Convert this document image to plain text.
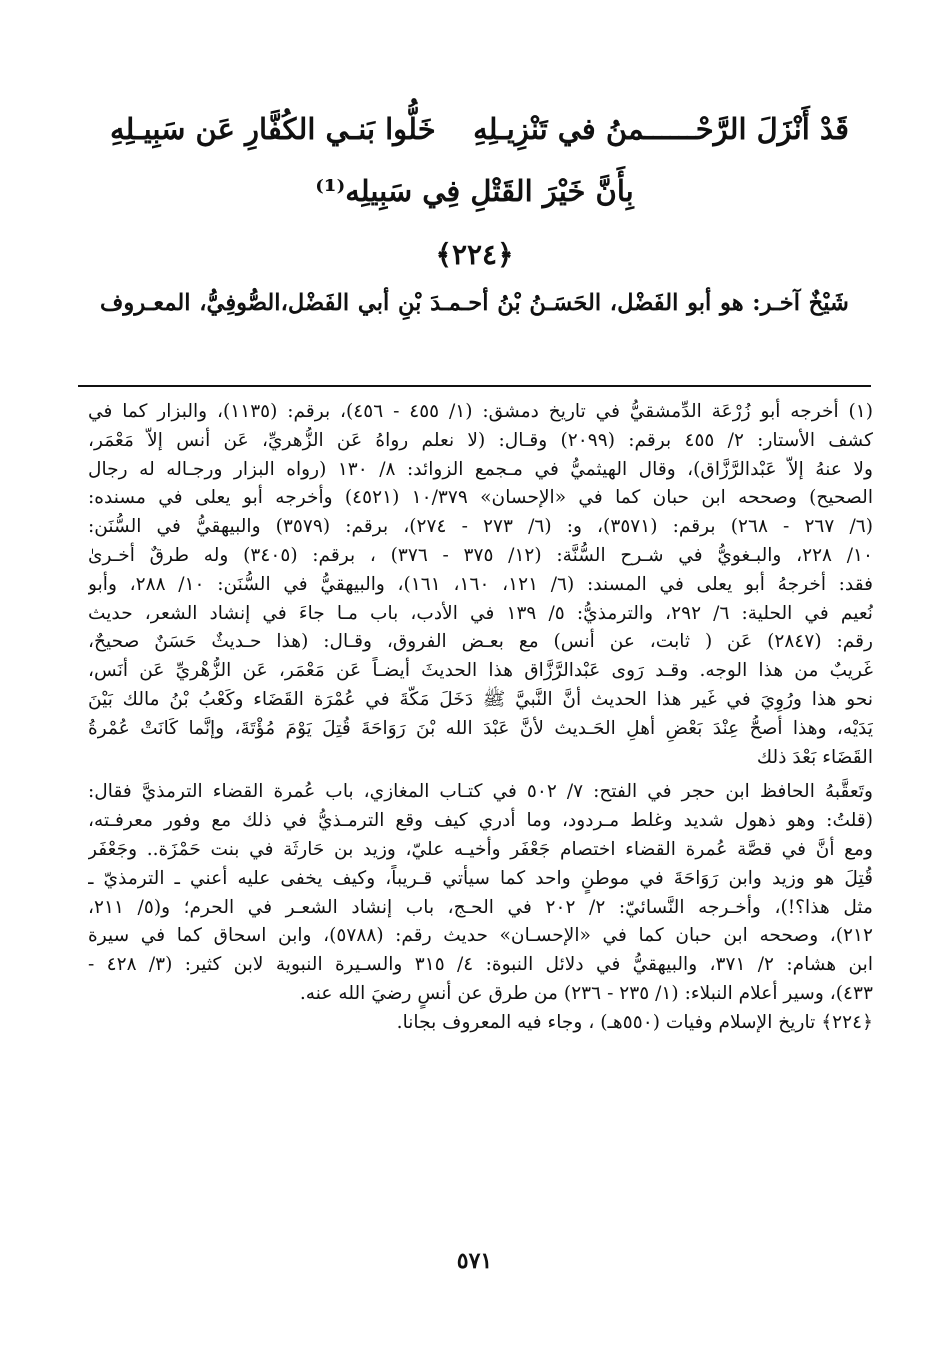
قَدْ أَنْزَلَ الرَّحْــــــمنُ في تَنْزِيـلِهِ
خَلُّوا بَنـي الكُفَّارِ عَن سَبِيـلِهِ
بِأَنَّ خَيْرَ القَتْلِ فِي سَبِيلِه⁽¹⁾
﴿٢٢٤﴾
شَيْخٌ آخـر: هو أبو الفَضْل، الحَسَـنُ بْنُ أحـمـدَ بْنِ أبي الفَضْل،الصُّوفِيُّ، المعـروف
(١) أخرجه أبو زُرْعَة الدِّمشقيُّ في تاريخ دمشق: (١/ ٤٥٥ - ٤٥٦)، برقم: (١١٣٥)، والبزار كما في
كشف الأستار: ٢/ ٤٥٥ برقم: (٢٠٩٩) وقـال: (لا نعلم رواهُ عَن الزُّهريِّ، عَن أنس إلاَّ مَعْمَر،
ولا عنهُ إلاَّ عَبْدالرَّزَّاق)، وقال الهيثميُّ في مـجمع الزوائد: ٨/ ١٣٠ (رواه البزار ورجـاله له رجال
الصحيح) وصححه ابن حبان كما في «الإحسان» ١٠/٣٧٩ (٤٥٢١) وأخرجه أبو يعلى في مسنده:
(٦/ ٢٦٧ - ٢٦٨) برقم: (٣٥٧١)، و: (٦/ ٢٧٣ - ٢٧٤)، برقم: (٣٥٧٩) والبيهقيُّ في السُّنَن:
١٠/ ٢٢٨، والبـغويُّ في شـرح السُّنَّة: (١٢/ ٣٧٥ - ٣٧٦) ، برقم: (٣٤٠٥) وله طرقٌ أخـرىٰ
فقد: أخرجهُ أبو يعلى في المسند: (٦/ ١٢١، ١٦٠، ١٦١)، والبيهقيُّ في السُّنَن: ١٠/ ٢٨٨، وأبو
نُعيم في الحلية: ٦/ ٢٩٢، والترمذيُّ: ٥/ ١٣٩ في الأدب، باب مـا جاءَ في إنشاد الشعر، حديث
رقم: (٢٨٤٧) عَن ( ثابت، عن أنس) مع بعـض الفروق، وقـال: (هذا حـديثٌ حَسَنٌ صحيحٌ،
غَريبٌ من هذا الوجه. وقـد رَوى عَبْدالرَّزَّاق هذا الحديثَ أيضـاً عَن مَعْمَر، عَن الزُّهْريِّ عَن أَنَس،
نحو هذا ورُوِيَ في غَير هذا الحديث أنَّ النَّبيَّ ﷺ دَخَلَ مَكَّةَ في عُمْرَة القَضَاء وكَعْبُ بْنُ مالك بَيْنَ
يَدَيْه، وهذا أصحُّ عِنْدَ بَعْضِ أهلِ الحَـديث لأنَّ عَبْدَ الله بْنَ رَوَاحَةَ قُتِلَ يَوْمَ مُؤْتَةَ، وإنَّما كَانَتْ عُمْرةُ
القَضَاء بَعْدَ ذلك
وتَعقَّبهُ الحافظ ابن حجر في الفتح: ٧/ ٥٠٢ في كتـاب المغازي، باب عُمرة القضاء الترمذيَّ فقال:
(قلتُ: وهو ذهول شديد وغلط مـردود، وما أدري كيف وقع الترمـذيُّ في ذلك مع وفور معرفـته،
ومع أنَّ في قصَّة عُمرة القضاء اختصام جَعْفَر وأخيـه عليّ، وزيد بن حَارثَة في بنت حَمْزَة.. وجَعْفَر
قُتِلَ هو وزيد وابن رَوَاحَةَ في موطنٍ واحد كما سيأتي قـريباً، وكيف يخفى عليه أعني ـ الترمذيّ ـ
مثل هذا؟!)، وأخـرجه النَّسائيّ: ٢/ ٢٠٢ في الحـج، باب إنشاد الشعـر في الحرم؛ و(٥/ ٢١١،
٢١٢)، وصححه ابن حبان كما في «الإحسـان» حديث رقم: (٥٧٨٨)، وابن اسحاق كما في سيرة
ابن هشام: ٢/ ٣٧١، والبيهقيُّ في دلائل النبوة: ٤/ ٣١٥ والسـيرة النبوية لابن كثير: (٣/ ٤٢٨ -
٤٣٣)، وسير أعلام النبلاء: (١/ ٢٣٥ - ٢٣٦) من طرق عن أنسٍ رضيَ الله عنه.
﴿٢٢٤﴾ تاريخ الإسلام وفيات (٥٥٠هـ) ، وجاء فيه المعروف بجانا.
٥٧١
